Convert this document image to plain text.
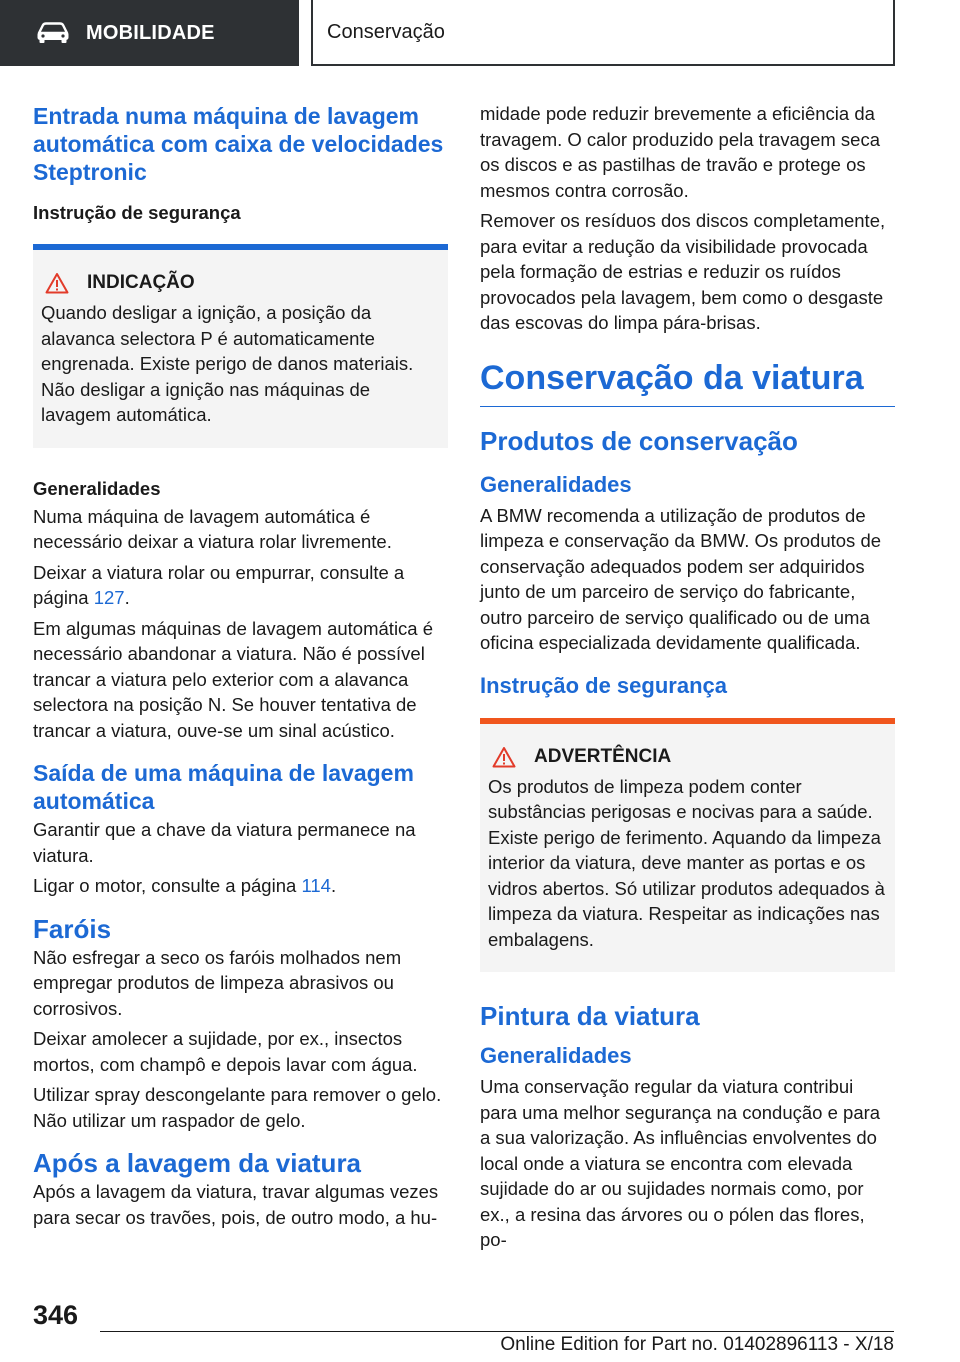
MOBILIDADE	Conservação
Entrada numa máquina de lavagem automática com caixa de velocidades Steptronic
Instrução de segurança
INDICAÇÃO

Quando desligar a ignição, a posição da alavanca selectora P é automaticamente engrenada. Existe perigo de danos materiais. Não desligar a ignição nas máquinas de lavagem automática.

Generalidades

Numa máquina de lavagem automática é necessário deixar a viatura rolar livremente.

Deixar a viatura rolar ou empurrar, consulte a página 127.

Em algumas máquinas de lavagem automática é necessário abandonar a viatura. Não é possível trancar a viatura pelo exterior com a alavanca selectora na posição N. Se houver tentativa de trancar a viatura, ouve-se um sinal acústico.

Saída de uma máquina de lavagem automática

Garantir que a chave da viatura permanece na viatura.

Ligar o motor, consulte a página 114.

Faróis

Não esfregar a seco os faróis molhados nem empregar produtos de limpeza abrasivos ou corrosivos.

Deixar amolecer a sujidade, por ex., insectos mortos, com champô e depois lavar com água.

Utilizar spray descongelante para remover o gelo. Não utilizar um raspador de gelo.

Após a lavagem da viatura

Após a lavagem da viatura, travar algumas vezes para secar os travões, pois, de outro modo, a hu-

midade pode reduzir brevemente a eficiência da travagem. O calor produzido pela travagem seca os discos e as pastilhas de travão e protege os mesmos contra corrosão.

Remover os resíduos dos discos completamente, para evitar a redução da visibilidade provocada pela formação de estrias e reduzir os ruídos provocados pela lavagem, bem como o desgaste das escovas do limpa pára-brisas.

Conservação da viatura
Produtos de conservação
Generalidades

A BMW recomenda a utilização de produtos de limpeza e conservação da BMW. Os produtos de conservação adequados podem ser adquiridos junto de um parceiro de serviço do fabricante, outro parceiro de serviço qualificado ou de uma oficina especializada devidamente qualificada.

Instrução de segurança
ADVERTÊNCIA

Os produtos de limpeza podem conter substâncias perigosas e nocivas para a saúde. Existe perigo de ferimento. Aquando da limpeza interior da viatura, deve manter as portas e os vidros abertos. Só utilizar produtos adequados à limpeza da viatura. Respeitar as indicações nas embalagens.

Pintura da viatura
Generalidades

Uma conservação regular da viatura contribui para uma melhor segurança na condução e para a sua valorização. As influências envolventes do local onde a viatura se encontra com elevada sujidade do ar ou sujidades normais como, por ex., a resina das árvores ou o pólen das flores, po-

346
Online Edition for Part no. 01402896113 - X/18
